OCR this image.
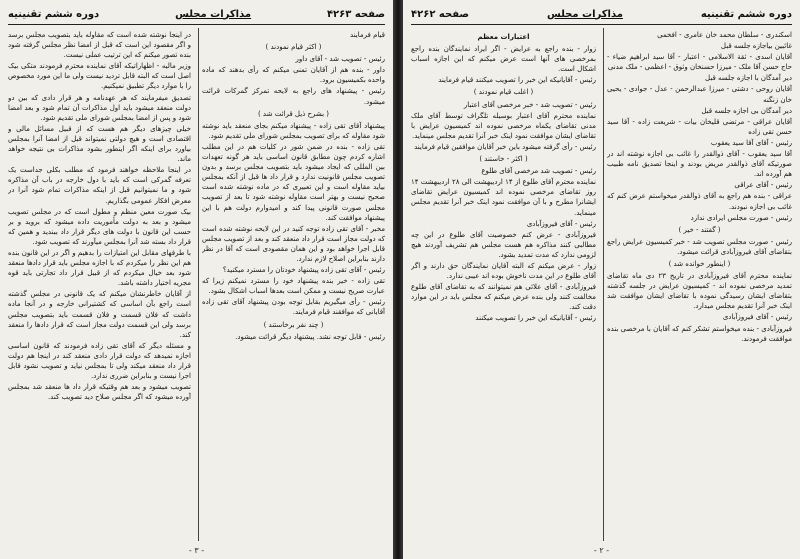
صفحه ۴۲۶۳
مذاکرات مجلس
دوره ششم تقنینیه

قیام فرمایند

( اکثر قیام نمودند )

رئیس - تصویب شد - آقای داور

داور - بنده هم از آقایان تمنی میکنم که رأی بدهند که ماده واحده بکمیسیون برود.

رئیس - پیشنهاد های راجع به لایحه تمرکز گمرکات قرائت میشود.

( بشرح ذیل قرائت شد )

پیشنهاد آقای تقی زاده - پیشنهاد میکنم بجای منعقد باید نوشته شود مقاوله که برای تصویب بمجلس شورای ملی تقدیم شود.

تقی زاده - بنده در ضمن شور در کلیات هم در این مطلب اشاره کردم چون مطابق قانون اساسی باید هر گونه تعهدات بین المللی که ایجاد میشود باید بتصویب مجلس برسد و بدون تصویب مجلس قانونیت ندارد و قرار داد ها قبل از آنکه بمجلس بیاید مقاوله است و این تعبیری که در ماده نوشته شده است صحیح نیست و بهتر است مقاوله نوشته شود تا بعد از تصویب مجلس صورت قانونی پیدا کند و امیدوارم دولت هم با این پیشنهاد موافقت کند.

مخبر - آقای تقی زاده توجه کنید در این لایحه نوشته شده است که دولت مجاز است قرار داد منعقد کند و بعد از تصویب مجلس قابل اجرا خواهد بود و این همان مقصودی است که آقا در نظر دارند بنابراین اصلاح لازم ندارد.

رئیس - آقای تقی زاده پیشنهاد خودتان را مسترد میکنید؟

تقی زاده - خیر بنده پیشنهاد خود را مسترد نمیکنم زیرا که عبارت صریح نیست و ممکن است بعدها اسباب اشکال بشود.

رئیس - رأی میگیریم بقابل توجه بودن پیشنهاد آقای تقی زاده آقایانی که موافقند قیام فرمایند.

( چند نفر برخاستند )

رئیس - قابل توجه نشد. پیشنهاد دیگر قرائت میشود.

در اینجا نوشته شده است که مقاوله باید بتصویب مجلس برسد و اگر مقصود این است که قبل از امضا نظر مجلس گرفته شود بنده تصور میکنم که این ترتیب عملی نیست.

وزیر مالیه - اظهاراتیکه آقای نماینده محترم فرمودند متکی بیک اصل است که البته قابل تردید نیست ولی ما این مورد مخصوص را با موارد دیگر تطبیق نمیکنیم.

تصدیق میفرمایند که هر عهدنامه و هر قرار دادی که بین دو دولت منعقد میشود باید اول مذاکرات آن تمام شود و بعد امضا شود و پس از امضا بمجلس شورای ملی تقدیم شود.

خیلی چیزهای دیگر هم هست که از قبیل مسائل مالی و اقتصادی است و هیچ دولتی نمیتواند قبل از امضا آنرا بمجلس بیاورد برای اینکه اگر اینطور بشود مذاکرات بی نتیجه خواهد ماند.

در اینجا ملاحظه خواهند فرمود که مطلب بکلی جداست یک تعرفه گمرکی است که باید با دول خارجه در باب آن مذاکره شود و ما نمیتوانیم قبل از اینکه مذاکرات تمام شود آنرا در معرض افکار عمومی بگذاریم.

بیک صورت معین منظم و مطول است که در مجلس تصویب میشود و بعد به دولت مأموریت داده میشود که بروید و بر حسب این قانون با دولت های دیگر قرار داد ببندید و همین که قرار داد بسته شد آنرا بمجلس میآورند که تصویب شود.

با طرفهای مقابل این امتیازات را بدهیم و اگر در این قانون بنده هم این نظر را میکردم که با اجازه مجلس باید قرار دادها منعقد شود بعد خیال میکردم که از قبیل قرار داد تجارتی باید قوه مجریه اختیار داشته باشد.

از آقایان خاطرنشان میکنم که یک قانونی در مجلس گذشته است راجع بآن اساسی که کشتیرانی خارجه و در آنجا ماده داشت که فلان قسمت و فلان قسمت باید بتصویب مجلس برسد ولی این قسمت دولت مجاز است که قرار دادها را منعقد کند.

و مسئله دیگر که آقای تقی زاده فرمودند که قانون اساسی اجازه نمیدهد که دولت قرار دادی منعقد کند در اینجا هم دولت قرار داد منعقد میکند ولی تا بمجلس نیاید و تصویب نشود قابل اجرا نیست و بنابراین ضرری ندارد.

تصویب میشود و بعد هم وقتیکه قرار داد ها منعقد شد بمجلس آورده میشود که اگر مجلس صلاح دید تصویب کند.

- ۳ -
دوره ششم تقنینیه
مذاکرات مجلس
صفحه ۴۲۶۲

اسکندری - سلطان محمد خان عامری - افخمی

غائبین بیاجازه جلسه قبل

آقایان اسدی - ثقة الاسلامی - اعتبار - آقا سید ابراهیم ضیاء - حاج حسن آقا ملک - میرزا حسنخان وثوق - اعظمی - ملک مدنی

دیر آمدگان با اجازه جلسه قبل

آقایان روحی - دشتی - میرزا عبدالرحمن - عدل - جوادی - یحیی خان زنگنه

دیر آمدگان بی اجازه جلسه قبل

آقایان عراقی - مرتضی قلیخان بیات - شریعت زاده - آقا سید حسن تقی زاده

رئیس - آقای آقا سید یعقوب

آقا سید یعقوب - آقای ذوالقدر را غائب بی اجازه نوشته اند در صورتیکه آقای ذوالقدر مریض بودند و اینجا تصدیق نامه طبیب هم آورده اند.

رئیس - آقای عراقی

عراقی - بنده هم راجع به آقای ذوالقدر میخواستم عرض کنم که غائب بی اجازه نبودند.

رئیس - صورت مجلس ایرادی ندارد

( گفتند - خیر )

رئیس - صورت مجلس تصویب شد - خبر کمیسیون عرایض راجع بتقاضای آقای فیروزآبادی قرائت میشود.

( اینطور خوانده شد )

نماینده محترم آقای فیروزآبادی در تاریخ ۲۳ دی ماه تقاضای تمدید مرخصی نموده اند - کمیسیون عرایض در جلسه گذشته بتقاضای ایشان رسیدگی نموده با تقاضای ایشان موافقت شد اینک خبر آنرا تقدیم مجلس میدارد.

رئیس - آقای فیروزآبادی

فیروزآبادی - بنده میخواستم تشکر کنم که آقایان با مرخصی بنده موافقت فرمودند.

اعتبارات معظم

زوار - بنده راجع به عرایض - اگر ایراد نمایندگان بنده راجع بمرخصی های آنها است عرض میکنم که این اجازه اسباب اشکال است.

رئیس - آقایانیکه این خبر را تصویب میکنند قیام فرمایند

( اغلب قیام نمودند )

رئیس - تصویب شد - خبر مرخصی آقای اعتبار

نماینده محترم آقای اعتبار بوسیله تلگراف توسط آقای ملک مدنی تقاضای یکماه مرخصی نموده اند کمیسیون عرایض با تقاضای ایشان موافقت نمود اینک خبر آنرا تقدیم مجلس مینماید.

رئیس - رأی گرفته میشود باین خبر آقایان موافقین قیام فرمایند

( اکثر - خاستند )

رئیس - تصویب شد مرخصی آقای طلوع

نماینده محترم آقای طلوع از ۱۴ اردیبهشت الی ۲۸ اردیبهشت ۱۴ روز تقاضای مرخصی نموده اند کمیسیون عرایض تقاضای ایشانرا مطرح و با آن موافقت نمود اینک خبر آنرا تقدیم مجلس مینماید.

رئیس - آقای فیروزآبادی

فیروزآبادی - عرض کنم خصوصیت آقای طلوع در این چه مطالبی کنند مذاکره هم هست مجلس هم تشریف آوردند هیچ لزومی ندارد که مدت تمدید بشود.

زوار - عرض میکنم که البته آقایان نمایندگان حق دارند و اگر آقای طلوع در این مدت ناخوش بوده اند عیبی ندارد.

فیروزآبادی - آقای علائی هم نمیتوانند که به تقاضای آقای طلوع مخالفت کنند ولی بنده عرض میکنم که مجلس باید در این موارد دقت کند.

رئیس - آقایانیکه این خبر را تصویب میکنند

- ۲ -
